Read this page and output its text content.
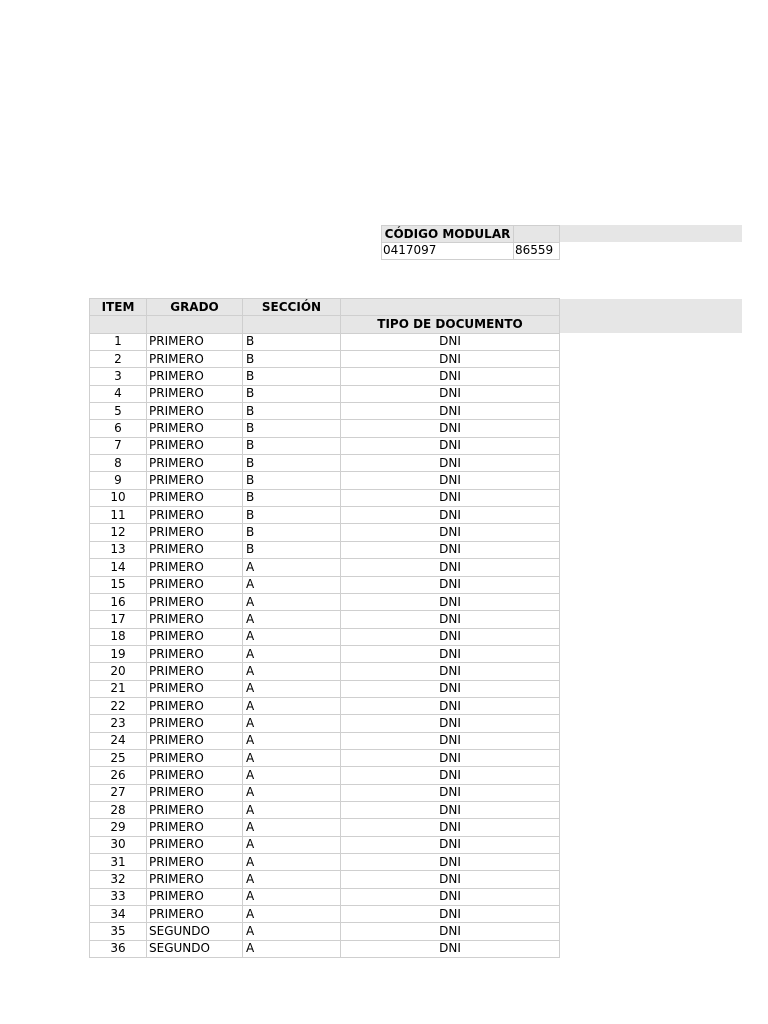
CÓDIGO MODULAR	

0417097	86559
ITEM	GRADO	SECCIÓN	
			TIPO DE DOCUMENTO
1	PRIMERO	B	DNI
2	PRIMERO	B	DNI
3	PRIMERO	B	DNI
4	PRIMERO	B	DNI
5	PRIMERO	B	DNI
6	PRIMERO	B	DNI
7	PRIMERO	B	DNI
8	PRIMERO	B	DNI
9	PRIMERO	B	DNI
10	PRIMERO	B	DNI
11	PRIMERO	B	DNI
12	PRIMERO	B	DNI
13	PRIMERO	B	DNI
14	PRIMERO	A	DNI
15	PRIMERO	A	DNI
16	PRIMERO	A	DNI
17	PRIMERO	A	DNI
18	PRIMERO	A	DNI
19	PRIMERO	A	DNI
20	PRIMERO	A	DNI
21	PRIMERO	A	DNI
22	PRIMERO	A	DNI
23	PRIMERO	A	DNI
24	PRIMERO	A	DNI
25	PRIMERO	A	DNI
26	PRIMERO	A	DNI
27	PRIMERO	A	DNI
28	PRIMERO	A	DNI
29	PRIMERO	A	DNI
30	PRIMERO	A	DNI
31	PRIMERO	A	DNI
32	PRIMERO	A	DNI
33	PRIMERO	A	DNI
34	PRIMERO	A	DNI
35	SEGUNDO	A	DNI
36	SEGUNDO	A	DNI
